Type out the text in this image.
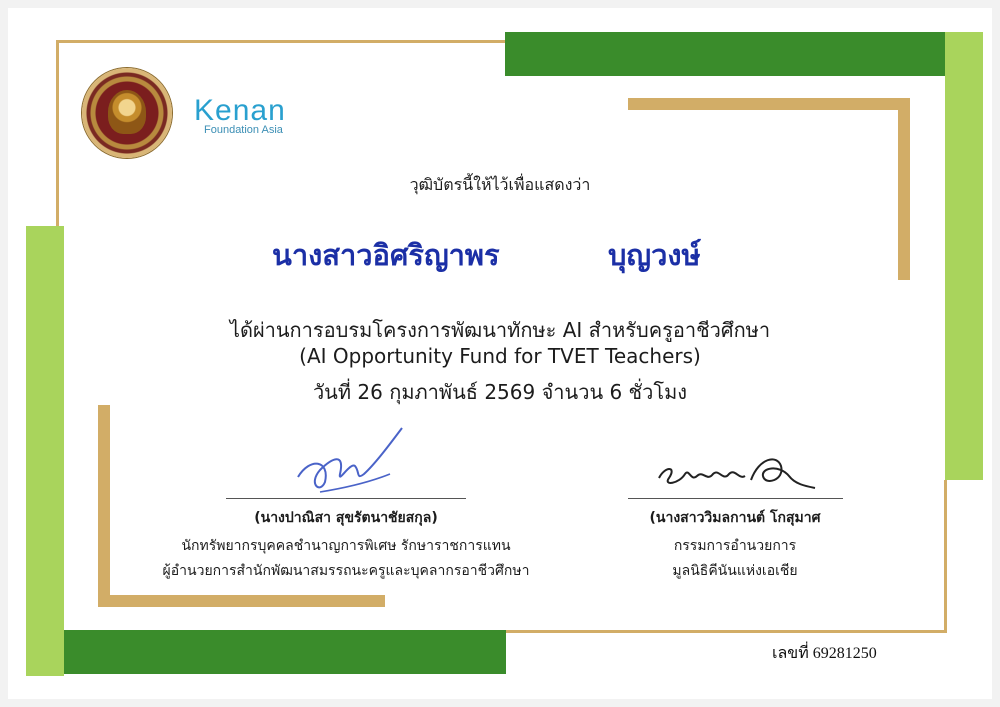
Kenan
Foundation Asia
วุฒิบัตรนี้ให้ไว้เพื่อแสดงว่า
นางสาวอิศริญาพร	บุญวงษ์
ได้ผ่านการอบรมโครงการพัฒนาทักษะ AI สำหรับครูอาชีวศึกษา
(AI Opportunity Fund for TVET Teachers)
วันที่ 26 กุมภาพันธ์ 2569 จำนวน 6 ชั่วโมง
(นางปาณิสา สุขรัตนาชัยสกุล)
นักทรัพยากรบุคคลชำนาญการพิเศษ รักษาราชการแทน
ผู้อำนวยการสำนักพัฒนาสมรรถนะครูและบุคลากรอาชีวศึกษา
(นางสาววิมลกานต์ โกสุมาศ
กรรมการอำนวยการ
มูลนิธิคีนันแห่งเอเชีย
เลขที่ 69281250
